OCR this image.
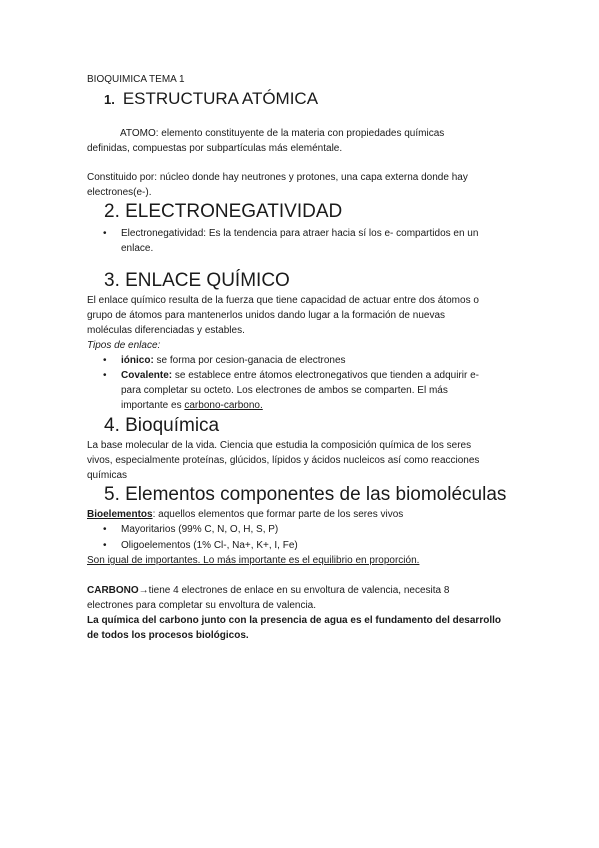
BIOQUIMICA TEMA 1
1. ESTRUCTURA ATÓMICA
ATOMO: elemento constituyente de la materia con propiedades químicas
definidas, compuestas por subpartículas más eleméntale.
Constituido por: núcleo donde hay neutrones y protones, una capa externa donde hay
electrones(e-).
2. ELECTRONEGATIVIDAD
• Electronegatividad: Es la tendencia para atraer hacia sí los e- compartidos en un
enlace.
3. ENLACE QUÍMICO
El enlace químico resulta de la fuerza que tiene capacidad de actuar entre dos átomos o
grupo de átomos para mantenerlos unidos dando lugar a la formación de nuevas
moléculas diferenciadas y estables.
Tipos de enlace:
• iónico: se forma por cesion-ganacia de electrones
• Covalente: se establece entre átomos electronegativos que tienden a adquirir e-
para completar su octeto. Los electrones de ambos se comparten. El más
importante es carbono-carbono.
4. Bioquímica
La base molecular de la vida. Ciencia que estudia la composición química de los seres
vivos, especialmente proteínas, glúcidos, lípidos y ácidos nucleicos así como reacciones
químicas
5. Elementos componentes de las biomoléculas
Bioelementos: aquellos elementos que formar parte de los seres vivos
• Mayoritarios (99% C, N, O, H, S, P)
• Oligoelementos (1% Cl-, Na+, K+, I, Fe)
Son igual de importantes. Lo más importante es el equilibrio en proporción.
CARBONO→tiene 4 electrones de enlace en su envoltura de valencia, necesita 8
electrones para completar su envoltura de valencia.
La química del carbono junto con la presencia de agua es el fundamento del desarrollo
de todos los procesos biológicos.
